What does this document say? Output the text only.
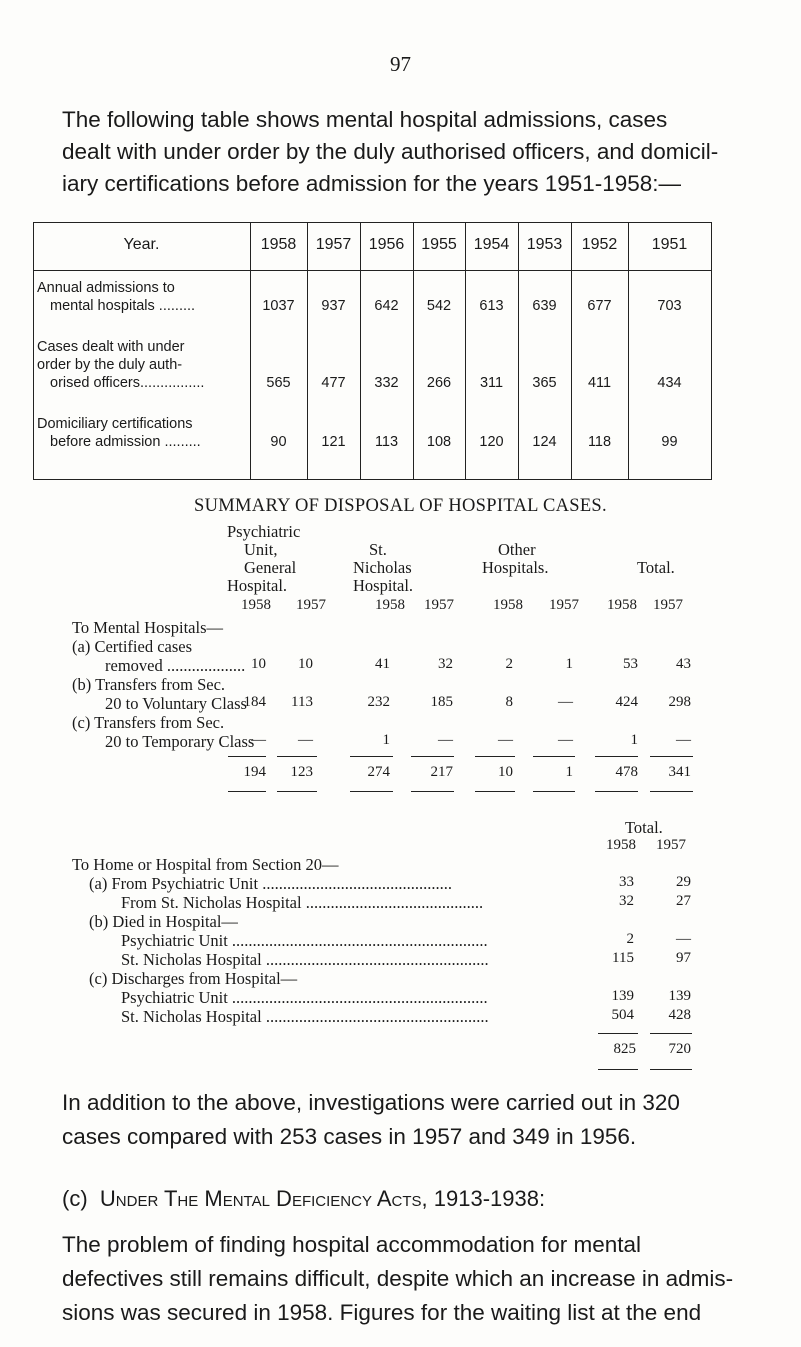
97
The following table shows mental hospital admissions, cases
dealt with under order by the duly authorised officers, and domicil-
iary certifications before admission for the years 1951-1958:—
Year.	1958	1957	1956	1955	1954	1953	1952	1951
Annual admissions to
mental hospitals .........	1037	937	642	542	613	639	677	703
Cases dealt with under
order by the duly auth-
orised officers................	565	477	332	266	311	365	411	434
Domiciliary certifications
before admission .........	90	121	113	108	120	124	118	99
SUMMARY OF DISPOSAL OF HOSPITAL CASES.
Psychiatric
Unit,
General
Hospital.
St.
Nicholas
Hospital.
Other
Hospitals.	Total.
1958	1957	1958	1957	1958	1957	1958	1957
To Mental Hospitals—
(a) Certified cases
removed ................... 10	10	41	32	2	1	53	43
(b) Transfers from Sec.
20 to Voluntary Class
184	113	232	185	8	—	424	298
(c) Transfers from Sec.
20 to Temporary Class
—	—	1	—	—	—	1	—
194	123	274	217	10	1	478	341
Total.
1958	1957
To Home or Hospital from Section 20—
(a) From Psychiatric Unit ..............................................	33	29
From St. Nicholas Hospital ...........................................	32	27
(b) Died in Hospital—
Psychiatric Unit ..............................................................	2	—
St. Nicholas Hospital ......................................................	115	97
(c) Discharges from Hospital—
Psychiatric Unit ..............................................................	139	139
St. Nicholas Hospital ......................................................	504	428
825	720
In addition to the above, investigations were carried out in 320
cases compared with 253 cases in 1957 and 349 in 1956.
(c) Under The Mental Deficiency Acts, 1913-1938:
The problem of finding hospital accommodation for mental
defectives still remains difficult, despite which an increase in admis-
sions was secured in 1958. Figures for the waiting list at the end
